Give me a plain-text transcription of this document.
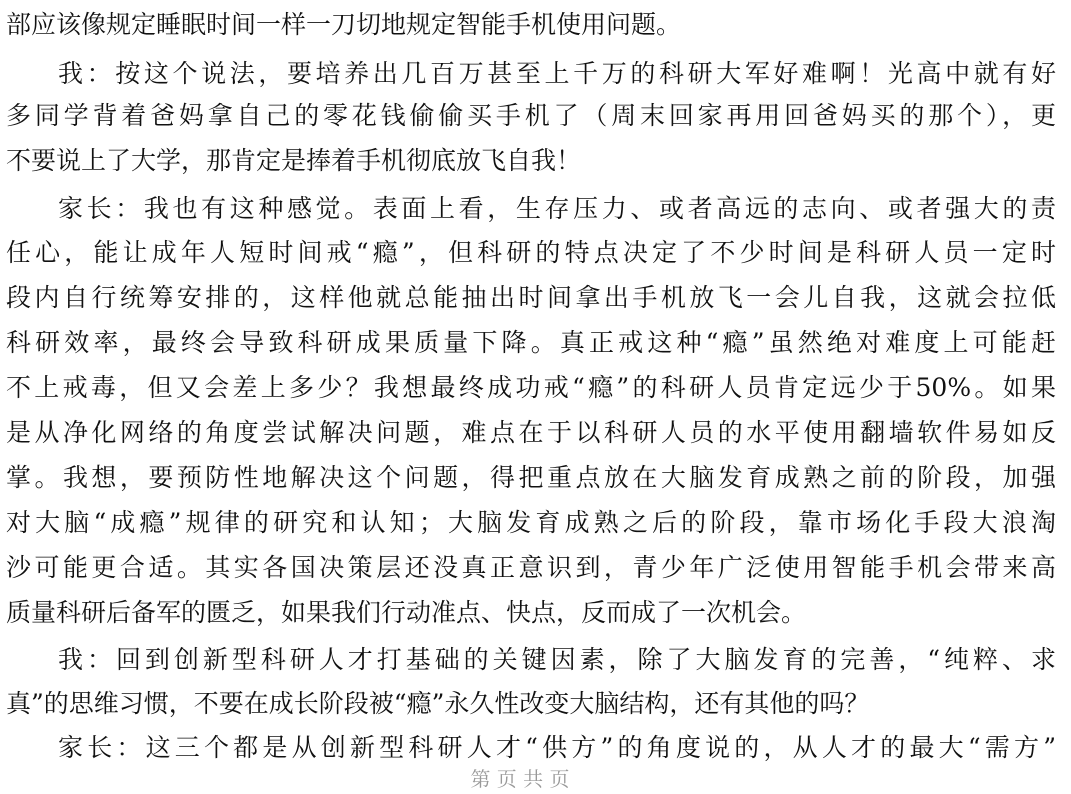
部应该像规定睡眠时间一样一刀切地规定智能手机使用问题。
我：按这个说法，要培养出几百万甚至上千万的科研大军好难啊！光高中就有好
多同学背着爸妈拿自己的零花钱偷偷买手机了（周末回家再用回爸妈买的那个），更
不要说上了大学，那肯定是捧着手机彻底放飞自我！
家长：我也有这种感觉。表面上看，生存压力、或者高远的志向、或者强大的责
任心，能让成年人短时间戒“瘾”，但科研的特点决定了不少时间是科研人员一定时
段内自行统筹安排的，这样他就总能抽出时间拿出手机放飞一会儿自我，这就会拉低
科研效率，最终会导致科研成果质量下降。真正戒这种“瘾”虽然绝对难度上可能赶
不上戒毒，但又会差上多少？我想最终成功戒“瘾”的科研人员肯定远少于50%。如果
是从净化网络的角度尝试解决问题，难点在于以科研人员的水平使用翻墙软件易如反
掌。我想，要预防性地解决这个问题，得把重点放在大脑发育成熟之前的阶段，加强
对大脑“成瘾”规律的研究和认知；大脑发育成熟之后的阶段，靠市场化手段大浪淘
沙可能更合适。其实各国决策层还没真正意识到，青少年广泛使用智能手机会带来高
质量科研后备军的匮乏，如果我们行动准点、快点，反而成了一次机会。
我：回到创新型科研人才打基础的关键因素，除了大脑发育的完善，“纯粹、求
真”的思维习惯，不要在成长阶段被“瘾”永久性改变大脑结构，还有其他的吗？
家长：这三个都是从创新型科研人才“供方”的角度说的，从人才的最大“需方”
第 页 共 页
